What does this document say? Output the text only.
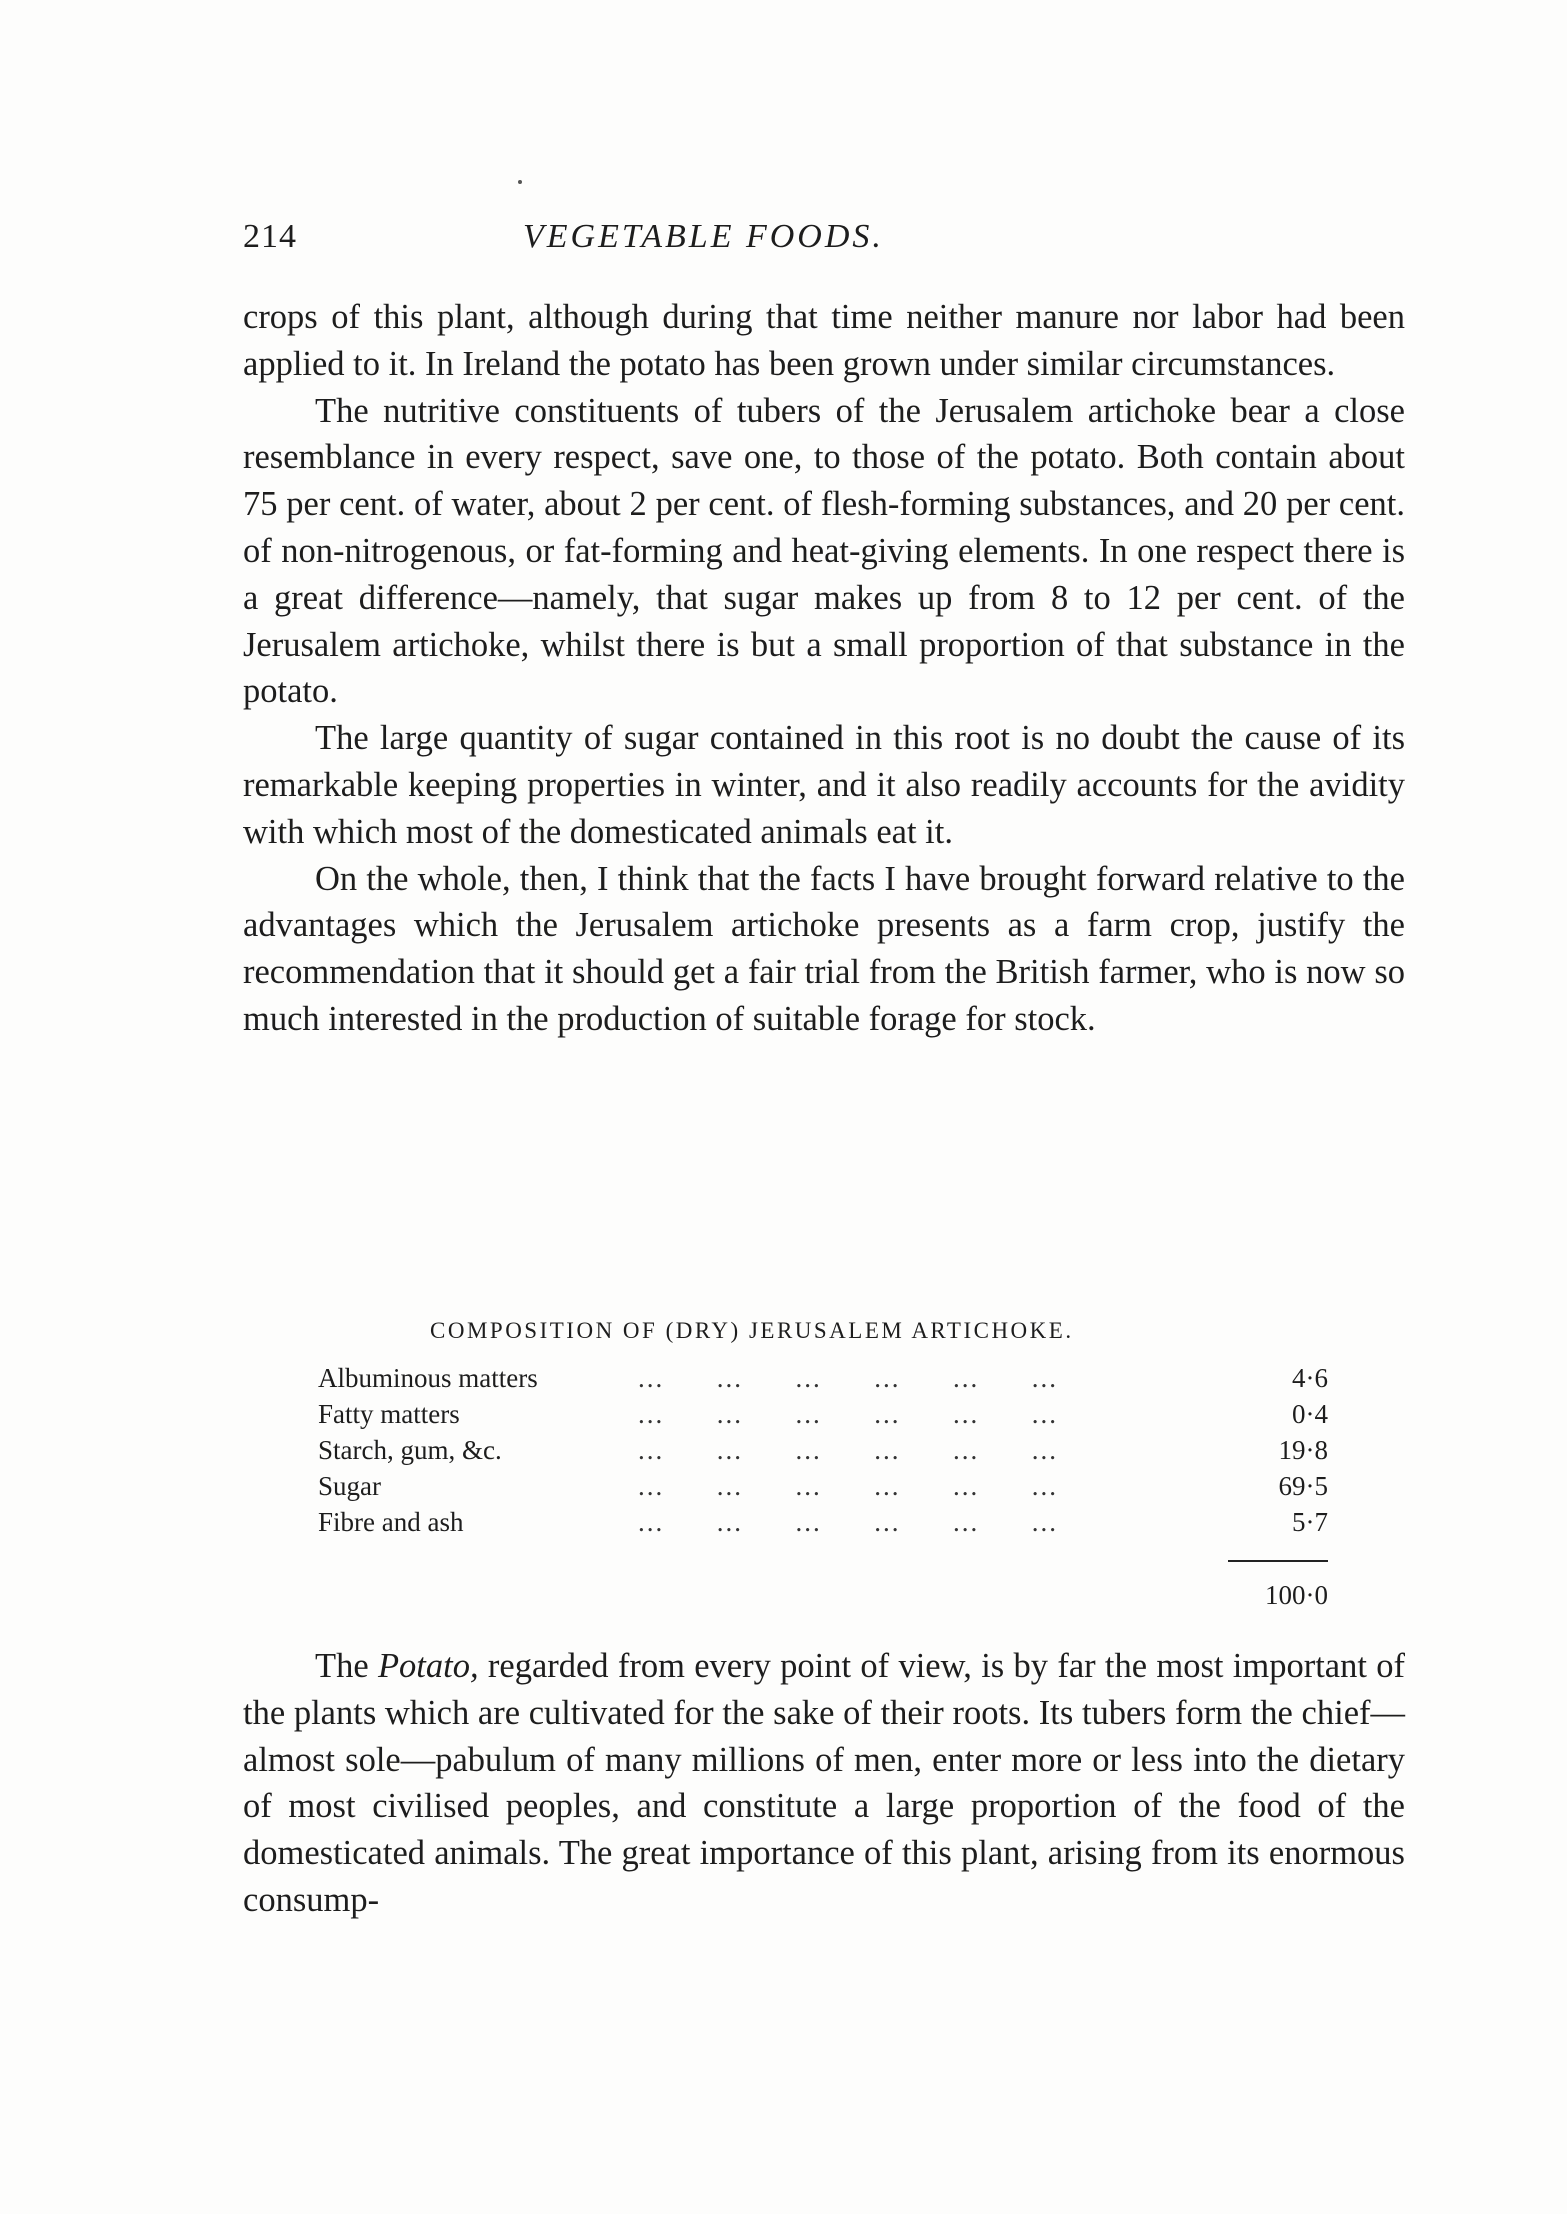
214	VEGETABLE FOODS.

crops of this plant, although during that time neither manure nor labor had been applied to it. In Ireland the potato has been grown under similar circumstances.

The nutritive constituents of tubers of the Jerusalem artichoke bear a close resemblance in every respect, save one, to those of the potato. Both contain about 75 per cent. of water, about 2 per cent. of flesh-forming substances, and 20 per cent. of non-nitrogenous, or fat-forming and heat-giving elements. In one respect there is a great difference—namely, that sugar makes up from 8 to 12 per cent. of the Jerusalem artichoke, whilst there is but a small proportion of that substance in the potato.

The large quantity of sugar contained in this root is no doubt the cause of its remarkable keeping properties in winter, and it also readily accounts for the avidity with which most of the domesticated animals eat it.

On the whole, then, I think that the facts I have brought forward relative to the advantages which the Jerusalem artichoke presents as a farm crop, justify the recommendation that it should get a fair trial from the British farmer, who is now so much interested in the production of suitable forage for stock.

COMPOSITION OF (DRY) JERUSALEM ARTICHOKE.
Albuminous matters	...      ...      ...      ...      ...      ...	4·6
Fatty matters	...      ...      ...      ...      ...      ...	0·4
Starch, gum, &c.	...      ...      ...      ...      ...      ...	19·8
Sugar	...      ...      ...      ...      ...      ...	69·5
Fibre and ash	...      ...      ...      ...      ...      ...	5·7
100·0

The Potato, regarded from every point of view, is by far the most important of the plants which are cultivated for the sake of their roots. Its tubers form the chief—almost sole—pabulum of many millions of men, enter more or less into the dietary of most civilised peoples, and constitute a large proportion of the food of the domesticated animals. The great importance of this plant, arising from its enormous consump-
